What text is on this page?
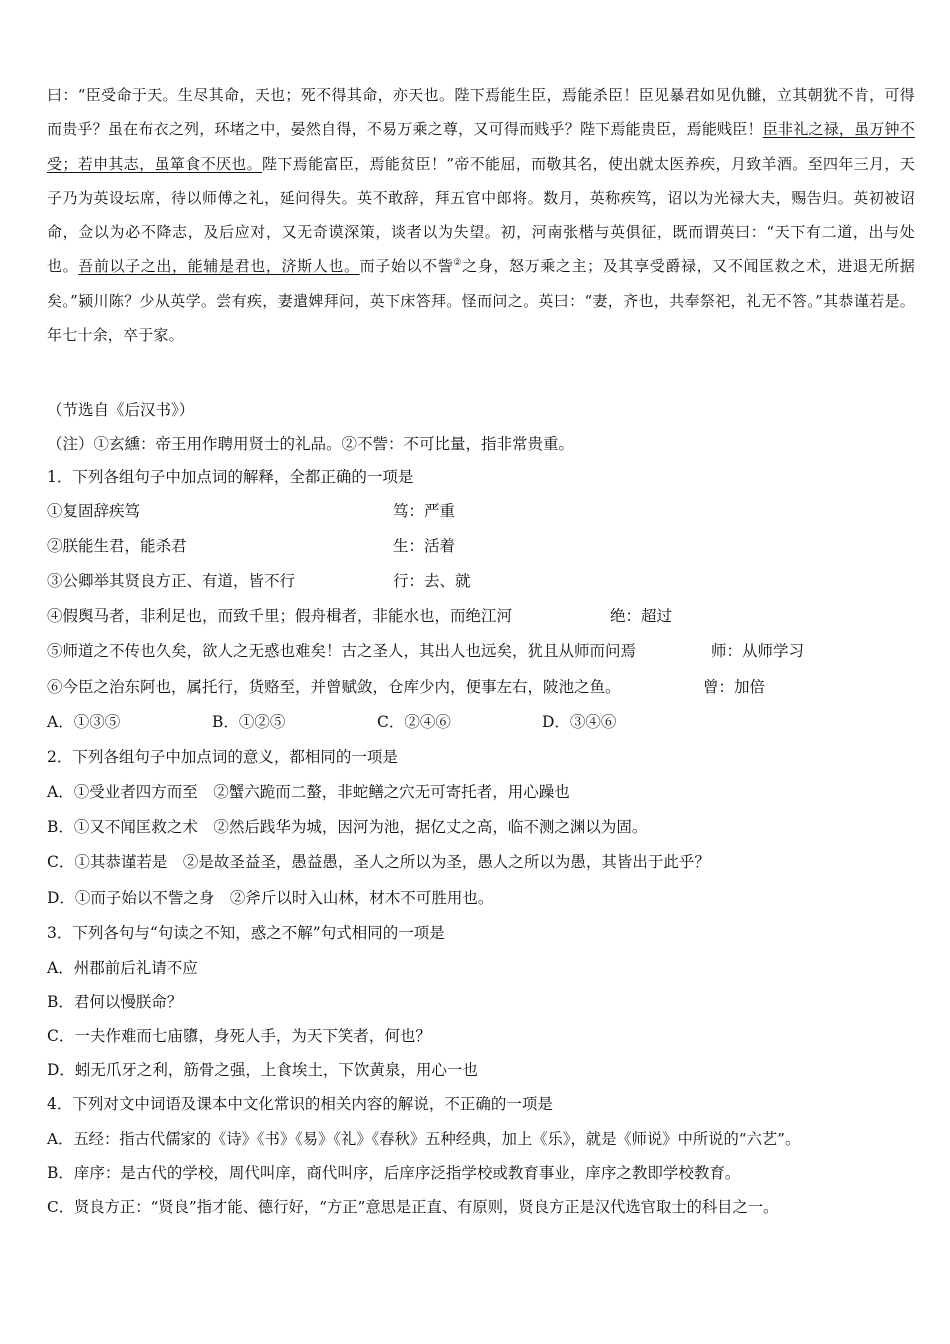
曰：“臣受命于天。生尽其命，天也；死不得其命，亦天也。陛下焉能生臣，焉能杀臣！臣见暴君如见仇雠，立其朝犹不肯，可得而贵乎？虽在布衣之列，环堵之中，晏然自得，不易万乘之尊，又可得而贱乎？陛下焉能贵臣，焉能贱臣！臣非礼之禄，虽万钟不受；若申其志，虽箪食不厌也。陛下焉能富臣，焉能贫臣！”帝不能屈，而敬其名，使出就太医养疾，月致羊酒。至四年三月，天子乃为英设坛席，待以师傅之礼，延问得失。英不敢辞，拜五官中郎将。数月，英称疾笃，诏以为光禄大夫，赐告归。英初被诏命，佥以为必不降志，及后应对，又无奇谟深策，谈者以为失望。初，河南张楷与英俱征，既而谓英曰：“天下有二道，出与处也。吾前以子之出，能辅是君也，济斯人也。而子始以不訾②之身，怒万乘之主；及其享受爵禄，又不闻匡救之术，进退无所据矣。”颍川陈？少从英学。尝有疾，妻遣婢拜问，英下床答拜。怪而问之。英曰：“妻，齐也，共奉祭祀，礼无不答。”其恭谨若是。年七十余，卒于家。
（节选自《后汉书》）
（注）①玄纁：帝王用作聘用贤士的礼品。②不訾：不可比量，指非常贵重。
1．下列各组句子中加点词的解释，全都正确的一项是
①复固辞疾笃	笃：严重
②朕能生君，能杀君	生：活着
③公卿举其贤良方正、有道，皆不行	行：去、就
④假舆马者，非利足也，而致千里；假舟楫者，非能水也，而绝江河	绝：超过
⑤师道之不传也久矣，欲人之无惑也难矣！古之圣人，其出人也远矣，犹且从师而问焉	师：从师学习
⑥今臣之治东阿也，属托行，货赂至，并曾赋敛，仓库少内，便事左右，陂池之鱼。	曾：加倍
A．①③⑤	B．①②⑤	C．②④⑥	D．③④⑥
2．下列各组句子中加点词的意义，都相同的一项是
A．①受业者四方而至　②蟹六跪而二螯，非蛇鳝之穴无可寄托者，用心躁也
B．①又不闻匡救之术　②然后践华为城，因河为池，据亿丈之高，临不测之渊以为固。
C．①其恭谨若是　②是故圣益圣，愚益愚，圣人之所以为圣，愚人之所以为愚，其皆出于此乎？
D．①而子始以不訾之身　②斧斤以时入山林，材木不可胜用也。
3．下列各句与“句读之不知，惑之不解”句式相同的一项是
A．州郡前后礼请不应
B．君何以慢朕命？
C．一夫作难而七庙隳，身死人手，为天下笑者，何也？
D．蚓无爪牙之利，筋骨之强，上食埃土，下饮黄泉，用心一也
4．下列对文中词语及课本中文化常识的相关内容的解说，不正确的一项是
A．五经：指古代儒家的《诗》《书》《易》《礼》《春秋》五种经典，加上《乐》，就是《师说》中所说的“六艺”。
B．庠序：是古代的学校，周代叫庠，商代叫序，后庠序泛指学校或教育事业，庠序之教即学校教育。
C．贤良方正：“贤良”指才能、德行好，“方正”意思是正直、有原则，贤良方正是汉代选官取士的科目之一。
